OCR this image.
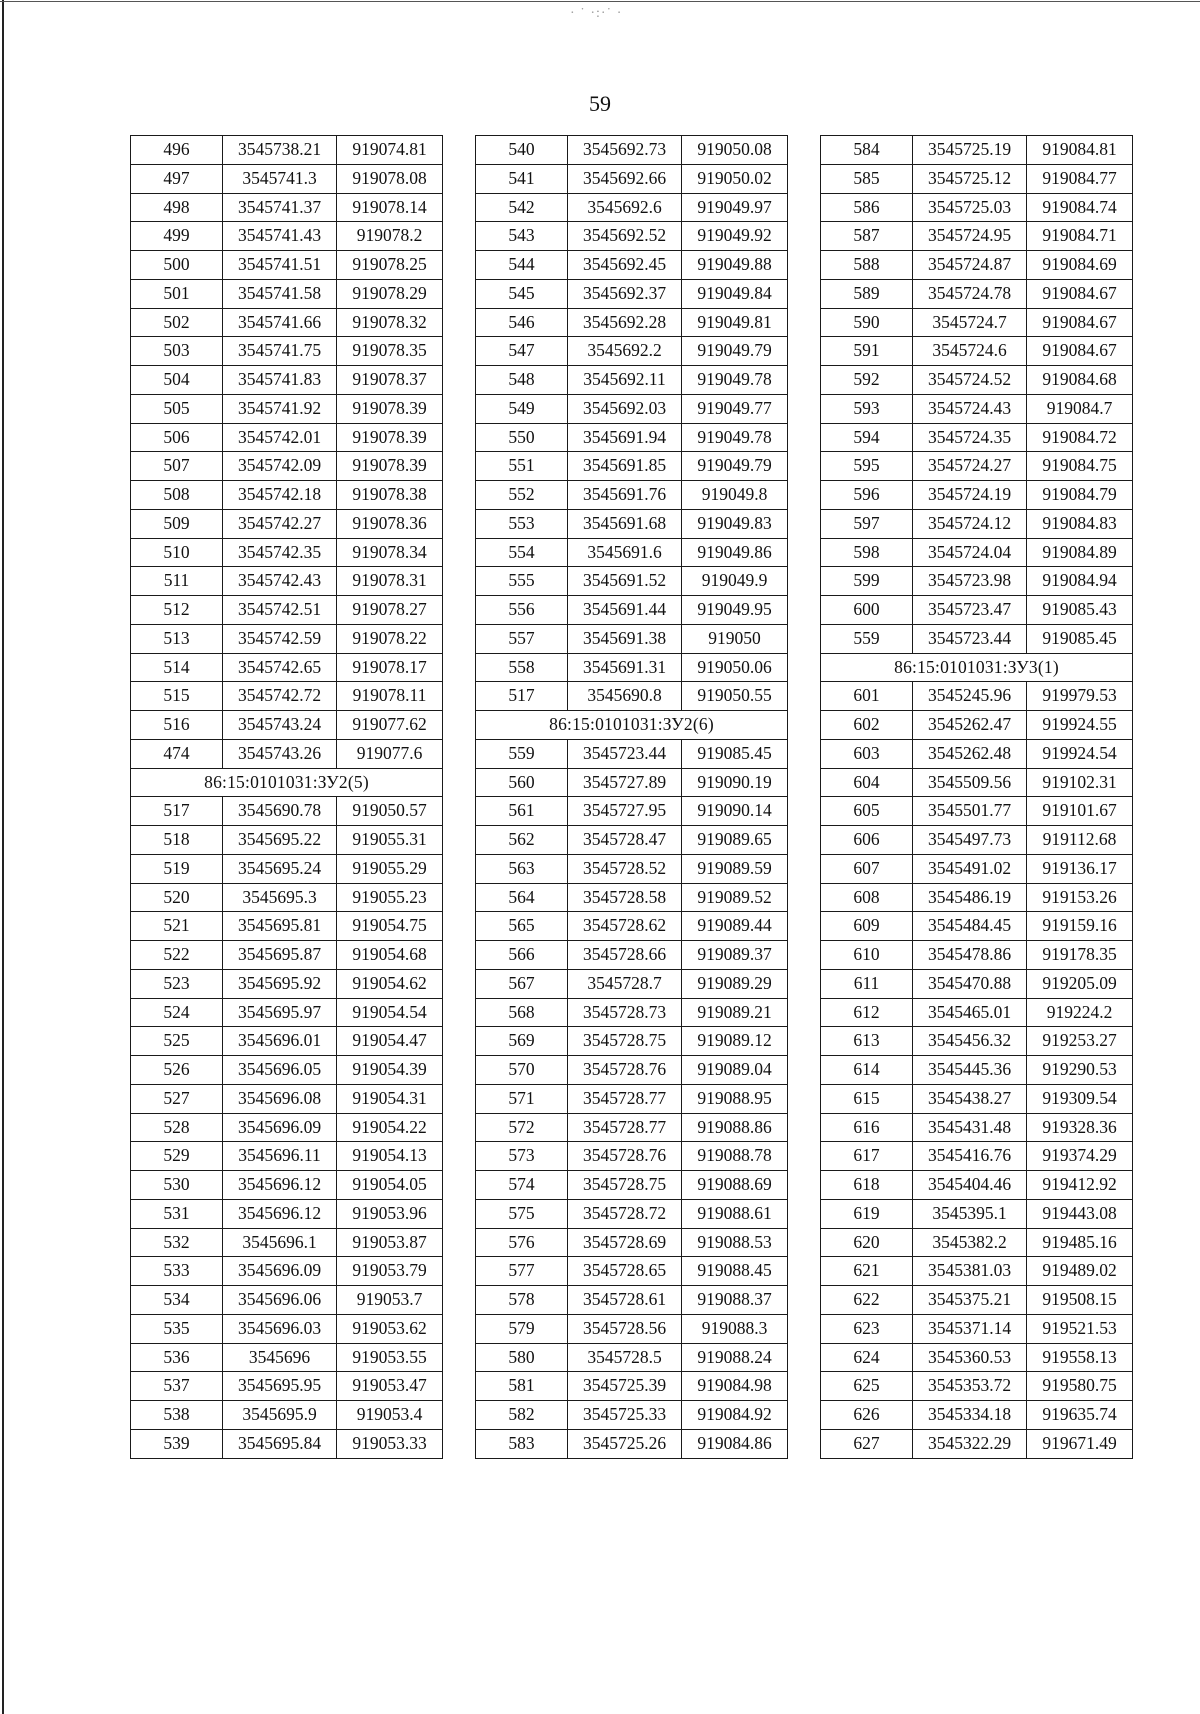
· ˙ ·:·˙ ·
59
496	3545738.21	919074.81
497	3545741.3	919078.08
498	3545741.37	919078.14
499	3545741.43	919078.2
500	3545741.51	919078.25
501	3545741.58	919078.29
502	3545741.66	919078.32
503	3545741.75	919078.35
504	3545741.83	919078.37
505	3545741.92	919078.39
506	3545742.01	919078.39
507	3545742.09	919078.39
508	3545742.18	919078.38
509	3545742.27	919078.36
510	3545742.35	919078.34
511	3545742.43	919078.31
512	3545742.51	919078.27
513	3545742.59	919078.22
514	3545742.65	919078.17
515	3545742.72	919078.11
516	3545743.24	919077.62
474	3545743.26	919077.6
86:15:0101031:ЗУ2(5)		
517	3545690.78	919050.57
518	3545695.22	919055.31
519	3545695.24	919055.29
520	3545695.3	919055.23
521	3545695.81	919054.75
522	3545695.87	919054.68
523	3545695.92	919054.62
524	3545695.97	919054.54
525	3545696.01	919054.47
526	3545696.05	919054.39
527	3545696.08	919054.31
528	3545696.09	919054.22
529	3545696.11	919054.13
530	3545696.12	919054.05
531	3545696.12	919053.96
532	3545696.1	919053.87
533	3545696.09	919053.79
534	3545696.06	919053.7
535	3545696.03	919053.62
536	3545696	919053.55
537	3545695.95	919053.47
538	3545695.9	919053.4
539	3545695.84	919053.33
540	3545692.73	919050.08
541	3545692.66	919050.02
542	3545692.6	919049.97
543	3545692.52	919049.92
544	3545692.45	919049.88
545	3545692.37	919049.84
546	3545692.28	919049.81
547	3545692.2	919049.79
548	3545692.11	919049.78
549	3545692.03	919049.77
550	3545691.94	919049.78
551	3545691.85	919049.79
552	3545691.76	919049.8
553	3545691.68	919049.83
554	3545691.6	919049.86
555	3545691.52	919049.9
556	3545691.44	919049.95
557	3545691.38	919050
558	3545691.31	919050.06
517	3545690.8	919050.55
86:15:0101031:ЗУ2(6)		
559	3545723.44	919085.45
560	3545727.89	919090.19
561	3545727.95	919090.14
562	3545728.47	919089.65
563	3545728.52	919089.59
564	3545728.58	919089.52
565	3545728.62	919089.44
566	3545728.66	919089.37
567	3545728.7	919089.29
568	3545728.73	919089.21
569	3545728.75	919089.12
570	3545728.76	919089.04
571	3545728.77	919088.95
572	3545728.77	919088.86
573	3545728.76	919088.78
574	3545728.75	919088.69
575	3545728.72	919088.61
576	3545728.69	919088.53
577	3545728.65	919088.45
578	3545728.61	919088.37
579	3545728.56	919088.3
580	3545728.5	919088.24
581	3545725.39	919084.98
582	3545725.33	919084.92
583	3545725.26	919084.86
584	3545725.19	919084.81
585	3545725.12	919084.77
586	3545725.03	919084.74
587	3545724.95	919084.71
588	3545724.87	919084.69
589	3545724.78	919084.67
590	3545724.7	919084.67
591	3545724.6	919084.67
592	3545724.52	919084.68
593	3545724.43	919084.7
594	3545724.35	919084.72
595	3545724.27	919084.75
596	3545724.19	919084.79
597	3545724.12	919084.83
598	3545724.04	919084.89
599	3545723.98	919084.94
600	3545723.47	919085.43
559	3545723.44	919085.45
86:15:0101031:ЗУ3(1)		
601	3545245.96	919979.53
602	3545262.47	919924.55
603	3545262.48	919924.54
604	3545509.56	919102.31
605	3545501.77	919101.67
606	3545497.73	919112.68
607	3545491.02	919136.17
608	3545486.19	919153.26
609	3545484.45	919159.16
610	3545478.86	919178.35
611	3545470.88	919205.09
612	3545465.01	919224.2
613	3545456.32	919253.27
614	3545445.36	919290.53
615	3545438.27	919309.54
616	3545431.48	919328.36
617	3545416.76	919374.29
618	3545404.46	919412.92
619	3545395.1	919443.08
620	3545382.2	919485.16
621	3545381.03	919489.02
622	3545375.21	919508.15
623	3545371.14	919521.53
624	3545360.53	919558.13
625	3545353.72	919580.75
626	3545334.18	919635.74
627	3545322.29	919671.49
